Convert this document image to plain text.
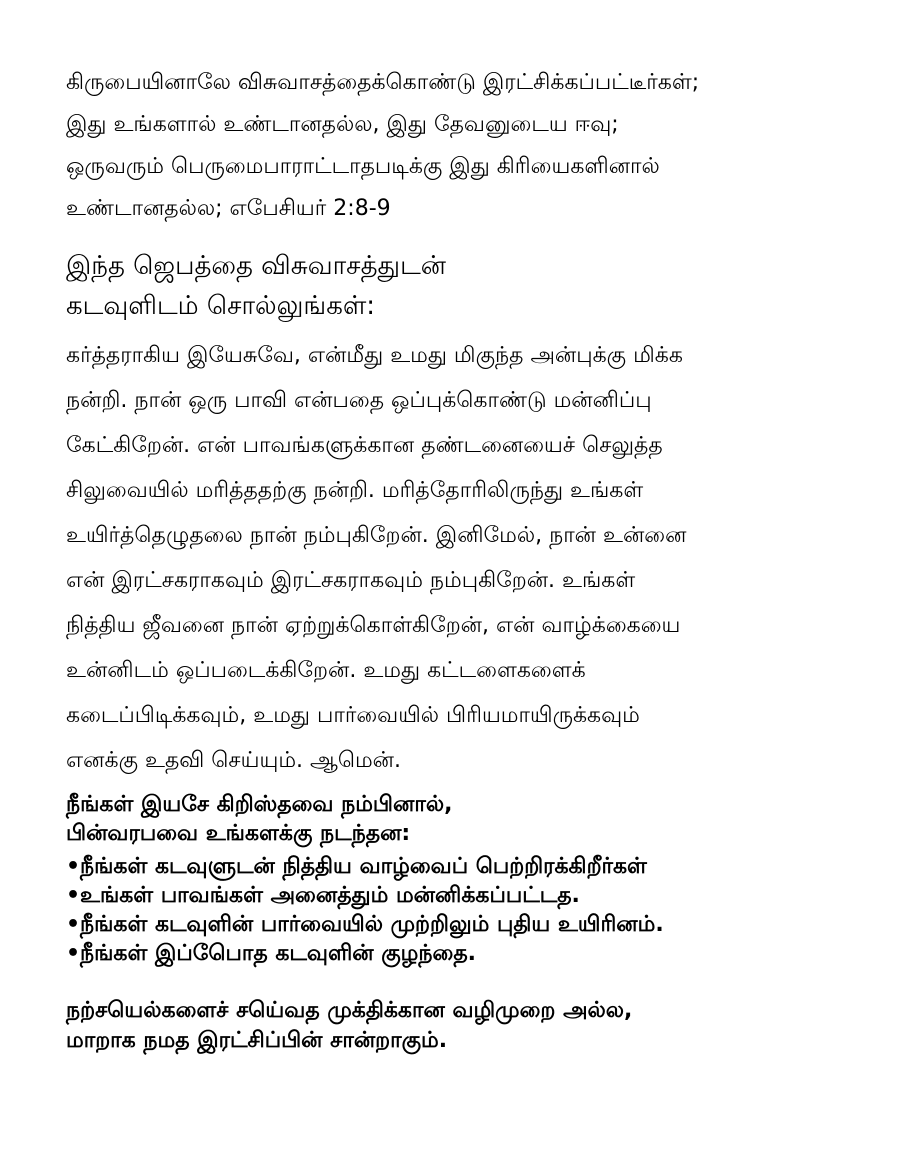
கிருபையினாலே விசுவாசத்தைக்கொண்டு இரட்சிக்கப்பட்டீர்கள்;
இது உங்களால் உண்டானதல்ல, இது தேவனுடைய ஈவு;
ஒருவரும் பெருமைபாராட்டாதபடிக்கு இது கிரியைகளினால்
உண்டானதல்ல; எபேசியர் 2:8-9
இந்த ஜெபத்தை விசுவாசத்துடன்
கடவுளிடம் சொல்லுங்கள்:
கர்த்தராகிய இயேசுவே, என்மீது உமது மிகுந்த அன்புக்கு மிக்க
நன்றி. நான் ஒரு பாவி என்பதை ஒப்புக்கொண்டு மன்னிப்பு
கேட்கிறேன். என் பாவங்களுக்கான தண்டனையைச் செலுத்த
சிலுவையில் மரித்ததற்கு நன்றி. மரித்தோரிலிருந்து உங்கள்
உயிர்த்தெழுதலை நான் நம்புகிறேன். இனிமேல், நான் உன்னை
என் இரட்சகராகவும் இரட்சகராகவும் நம்புகிறேன். உங்கள்
நித்திய ஜீவனை நான் ஏற்றுக்கொள்கிறேன், என் வாழ்க்கையை
உன்னிடம் ஒப்படைக்கிறேன். உமது கட்டளைகளைக்
கடைப்பிடிக்கவும், உமது பார்வையில் பிரியமாயிருக்கவும்
எனக்கு உதவி செய்யும். ஆமென்.
நீங்கள் இயசே கிறிஸ்தவை நம்பினால்,
பின்வரபவை உங்களக்கு நடந்தன:
•நீங்கள் கடவுளுடன் நித்திய வாழ்வைப் பெற்றிரக்கிறீர்கள்
•உங்கள் பாவங்கள் அனைத்தும் மன்னிக்கப்பட்டத.
•நீங்கள் கடவுளின் பார்வையில் முற்றிலும் புதிய உயிரினம்.
•நீங்கள் இப்பொேத கடவுளின் குழந்தை.
நற்சயெல்களைச் சயெ்வத முக்திக்கான வழிமுறை அல்ல,
மாறாக நமத இரட்சிப்பின் சான்றாகும்.
